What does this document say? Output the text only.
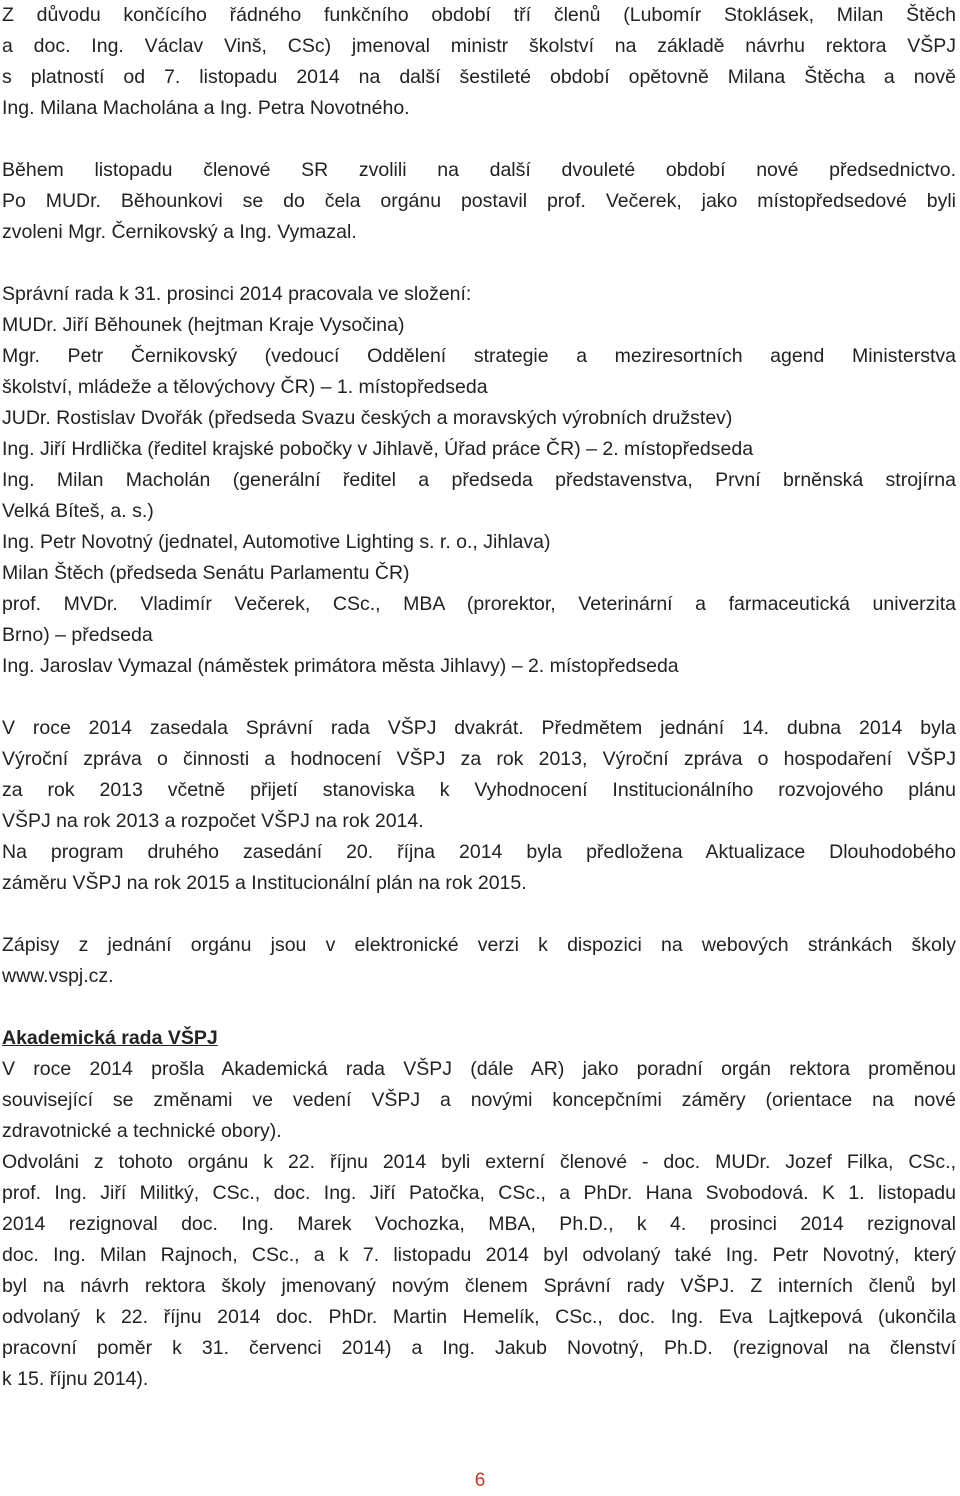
Z důvodu končícího řádného funkčního období tří členů (Lubomír Stoklásek, Milan Štěch
a doc. Ing. Václav Vinš, CSc) jmenoval ministr školství na základě návrhu rektora VŠPJ
s platností od 7. listopadu 2014 na další šestileté období opětovně Milana Štěcha a nově
Ing. Milana Macholána a Ing. Petra Novotného.
Během listopadu členové SR zvolili na další dvouleté období nové předsednictvo.
Po MUDr. Běhounkovi se do čela orgánu postavil prof. Večerek, jako místopředsedové byli
zvoleni Mgr. Černikovský a Ing. Vymazal.
Správní rada k 31. prosinci 2014 pracovala ve složení:
MUDr. Jiří Běhounek (hejtman Kraje Vysočina)
Mgr. Petr Černikovský (vedoucí Oddělení strategie a meziresortních agend Ministerstva
školství, mládeže a tělovýchovy ČR) – 1. místopředseda
JUDr. Rostislav Dvořák (předseda Svazu českých a moravských výrobních družstev)
Ing. Jiří Hrdlička (ředitel krajské pobočky v Jihlavě, Úřad práce ČR) – 2. místopředseda
Ing. Milan Macholán (generální ředitel a předseda představenstva, První brněnská strojírna
Velká Bíteš, a. s.)
Ing. Petr Novotný (jednatel, Automotive Lighting s. r. o., Jihlava)
Milan Štěch (předseda Senátu Parlamentu ČR)
prof. MVDr. Vladimír Večerek, CSc., MBA (prorektor, Veterinární a farmaceutická univerzita
Brno) – předseda
Ing. Jaroslav Vymazal (náměstek primátora města Jihlavy) – 2. místopředseda
V roce 2014 zasedala Správní rada VŠPJ dvakrát. Předmětem jednání 14. dubna 2014 byla
Výroční zpráva o činnosti a hodnocení VŠPJ za rok 2013, Výroční zpráva o hospodaření VŠPJ
za rok 2013 včetně přijetí stanoviska k Vyhodnocení Institucionálního rozvojového plánu
VŠPJ na rok 2013 a rozpočet VŠPJ na rok 2014.
Na program druhého zasedání 20. října 2014 byla předložena Aktualizace Dlouhodobého
záměru VŠPJ na rok 2015 a Institucionální plán na rok 2015.
Zápisy z jednání orgánu jsou v elektronické verzi k dispozici na webových stránkách školy
www.vspj.cz.
Akademická rada VŠPJ
V roce 2014 prošla Akademická rada VŠPJ (dále AR) jako poradní orgán rektora proměnou
související se změnami ve vedení VŠPJ a novými koncepčními záměry (orientace na nové
zdravotnické a technické obory).
Odvoláni z tohoto orgánu k 22. říjnu 2014 byli externí členové - doc. MUDr. Jozef Filka, CSc.,
prof. Ing. Jiří Militký, CSc., doc. Ing. Jiří Patočka, CSc., a PhDr. Hana Svobodová. K 1. listopadu
2014 rezignoval doc. Ing. Marek Vochozka, MBA, Ph.D., k 4. prosinci 2014 rezignoval
doc. Ing. Milan Rajnoch, CSc., a k 7. listopadu 2014 byl odvolaný také Ing. Petr Novotný, který
byl na návrh rektora školy jmenovaný novým členem Správní rady VŠPJ. Z interních členů byl
odvolaný k 22. říjnu 2014 doc. PhDr. Martin Hemelík, CSc., doc. Ing. Eva Lajtkepová (ukončila
pracovní poměr k 31. červenci 2014) a Ing. Jakub Novotný, Ph.D. (rezignoval na členství
k 15. říjnu 2014).
6
